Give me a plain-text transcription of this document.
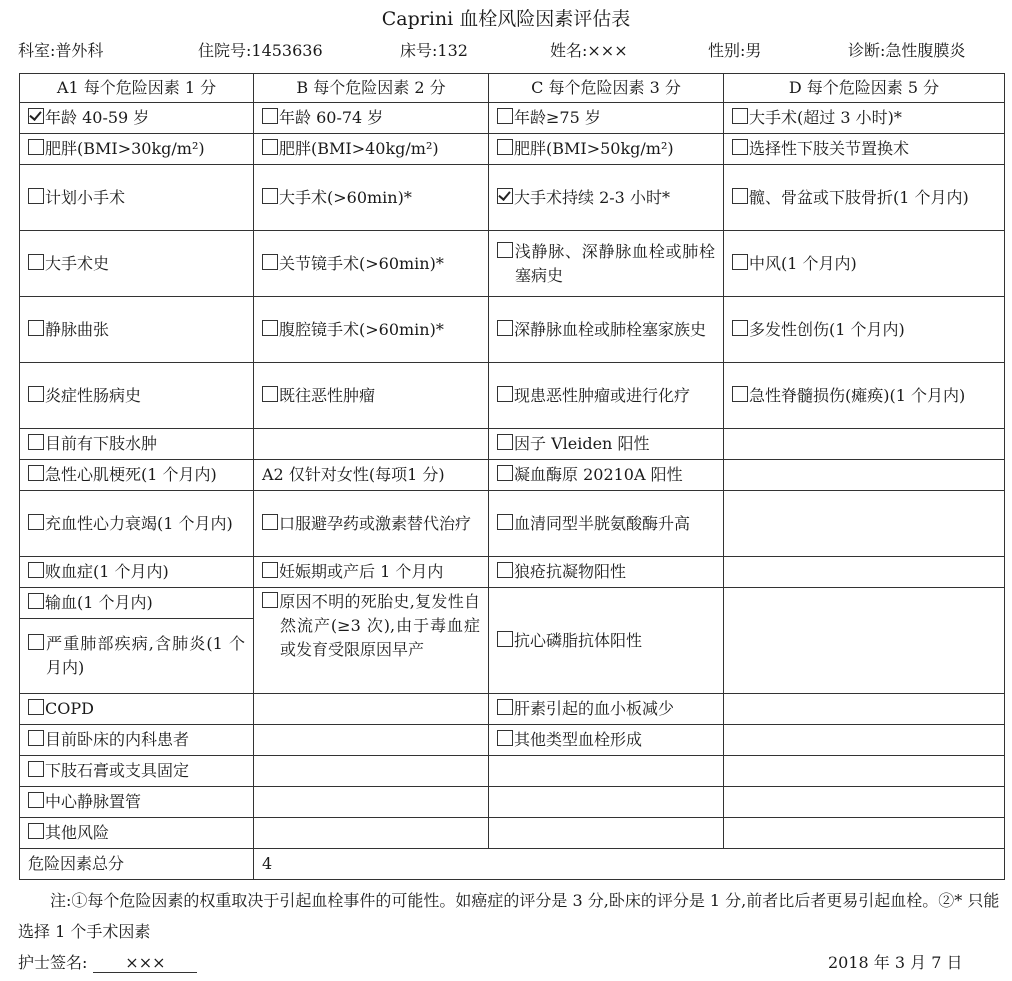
Caprini 血栓风险因素评估表
科室:普外科	住院号:1453636	床号:132	姓名:×××	性别:男	诊断:急性腹膜炎
A1 每个危险因素 1 分	B 每个危险因素 2 分	C 每个危险因素 3 分	D 每个危险因素 5 分

年龄 40-59 岁	年龄 60-74 岁	年龄≥75 岁	大手术(超过 3 小时)*

肥胖(BMI>30kg/m²)	肥胖(BMI>40kg/m²)	肥胖(BMI>50kg/m²)	选择性下肢关节置换术

计划小手术	大手术(>60min)*	大手术持续 2-3 小时*	髋、骨盆或下肢骨折(1 个月内)

大手术史	关节镜手术(>60min)*	浅静脉、深静脉血栓或肺栓塞病史	中风(1 个月内)

静脉曲张	腹腔镜手术(>60min)*	深静脉血栓或肺栓塞家族史	多发性创伤(1 个月内)

炎症性肠病史	既往恶性肿瘤	现患恶性肿瘤或进行化疗	急性脊髓损伤(瘫痪)(1 个月内)

目前有下肢水肿		因子 Vleiden 阳性	

急性心肌梗死(1 个月内)	A2 仅针对女性(每项1 分)	凝血酶原 20210A 阳性	

充血性心力衰竭(1 个月内)	口服避孕药或激素替代治疗	血清同型半胱氨酸酶升高	

败血症(1 个月内)	妊娠期或产后 1 个月内	狼疮抗凝物阳性	

输血(1 个月内)	原因不明的死胎史,复发性自然流产(≥3 次),由于毒血症或发育受限原因早产	抗心磷脂抗体阳性	

严重肺部疾病,含肺炎(1 个月内)			

COPD		肝素引起的血小板减少	

目前卧床的内科患者		其他类型血栓形成	

下肢石膏或支具固定			

中心静脉置管			

其他风险			

危险因素总分	4		
注:①每个危险因素的权重取决于引起血栓事件的可能性。如癌症的评分是 3 分,卧床的评分是 1 分,前者比后者更易引起血栓。②* 只能选择 1 个手术因素
护士签名: ×××	2018 年 3 月 7 日
